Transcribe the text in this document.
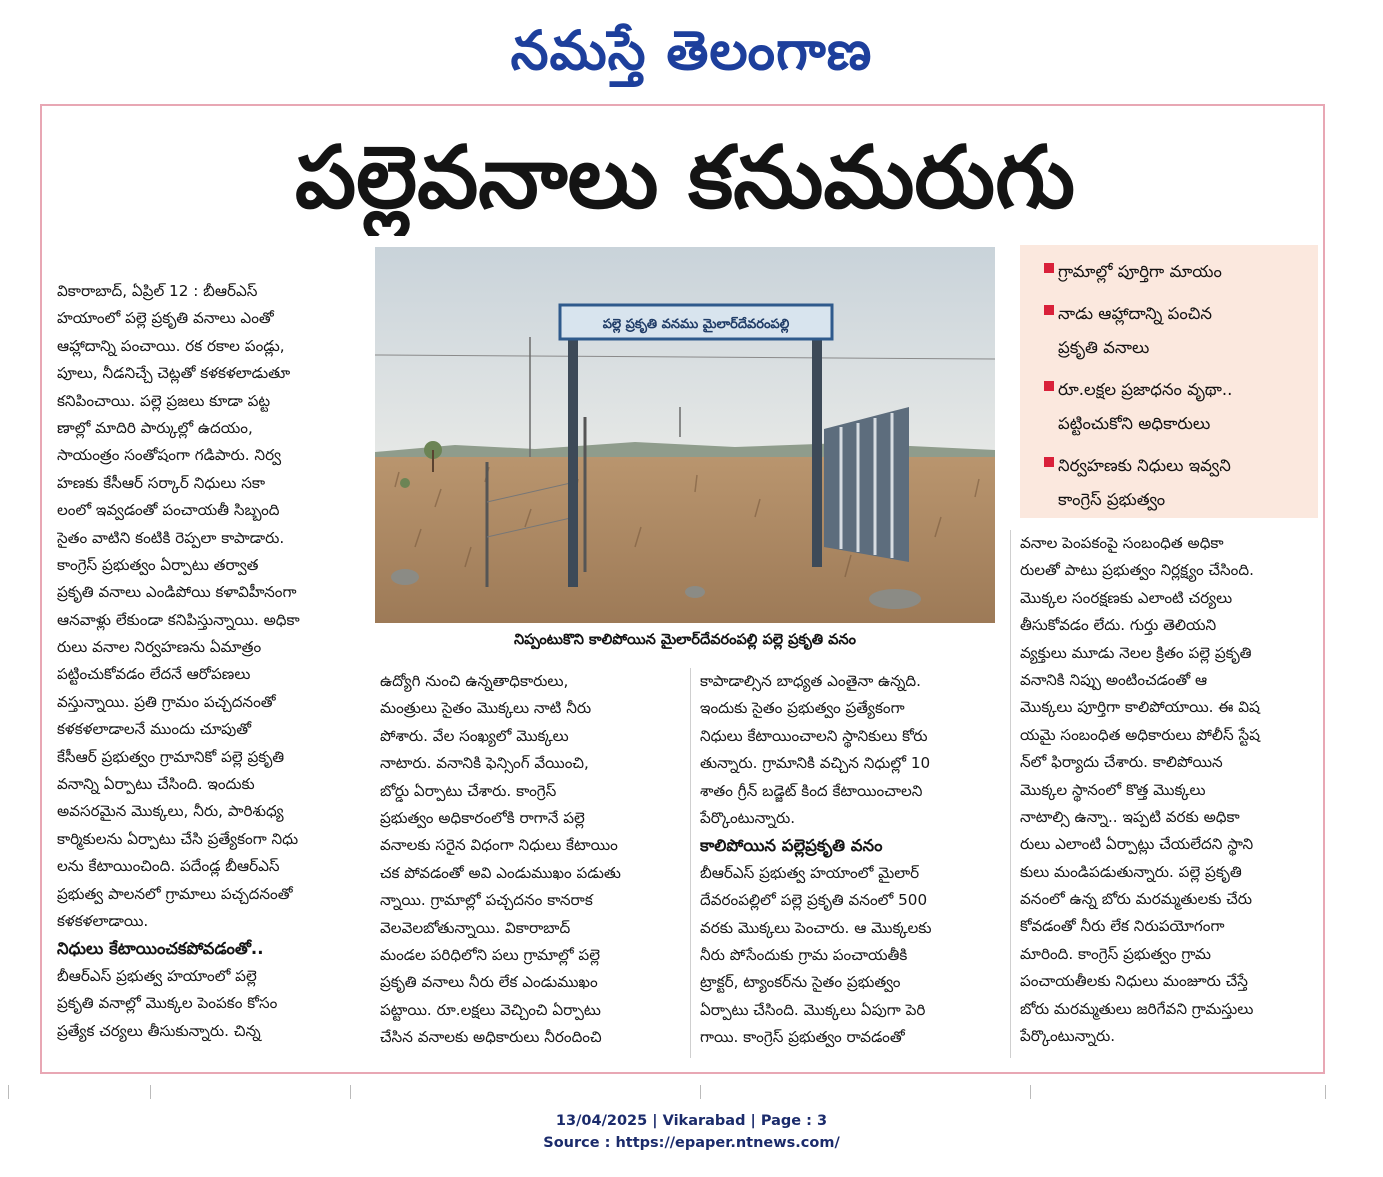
నమస్తే తెలంగాణ
పల్లెవనాలు కనుమరుగు
పల్లె ప్రకృతి వనము మైలార్‌దేవరంపల్లి
నిప్పంటుకొని కాలిపోయిన మైలార్‌దేవరంపల్లి పల్లె ప్రకృతి వనం
గ్రామాల్లో పూర్తిగా మాయం
నాడు ఆహ్లాదాన్ని పంచిన
ప్రకృతి వనాలు
రూ.లక్షల ప్రజాధనం వృథా..
పట్టించుకోని అధికారులు
నిర్వహణకు నిధులు ఇవ్వని
కాంగ్రెస్‌ ప్రభుత్వం
వికారాబాద్‌, ఏప్రిల్‌ 12 : బీఆర్‌ఎస్‌
హయాంలో పల్లె ప్రకృతి వనాలు ఎంతో
ఆహ్లాదాన్ని పంచాయి. రక రకాల పండ్లు,
పూలు, నీడనిచ్చే చెట్లతో కళకళలాడుతూ
కనిపించాయి. పల్లె ప్రజలు కూడా పట్ట
ణాల్లో మాదిరి పార్కుల్లో ఉదయం,
సాయంత్రం సంతోషంగా గడిపారు. నిర్వ
హణకు కేసీఆర్‌ సర్కార్‌ నిధులు సకా
లంలో ఇవ్వడంతో పంచాయతీ సిబ్బంది
సైతం వాటిని కంటికి రెప్పలా కాపాడారు.
కాంగ్రెస్‌ ప్రభుత్వం ఏర్పాటు తర్వాత
ప్రకృతి వనాలు ఎండిపోయి కళావిహీనంగా
ఆనవాళ్లు లేకుండా కనిపిస్తున్నాయి. అధికా
రులు వనాల నిర్వహణను ఏమాత్రం
పట్టించుకోవడం లేదనే ఆరోపణలు
వస్తున్నాయి. ప్రతి గ్రామం పచ్చదనంతో
కళకళలాడాలనే ముందు చూపుతో
కేసీఆర్‌ ప్రభుత్వం గ్రామానికో పల్లె ప్రకృతి
వనాన్ని ఏర్పాటు చేసింది. ఇందుకు
అవసరమైన మొక్కలు, నీరు, పారిశుధ్య
కార్మికులను ఏర్పాటు చేసి ప్రత్యేకంగా నిధు
లను కేటాయించింది. పదేండ్ల బీఆర్‌ఎస్‌
ప్రభుత్వ పాలనలో గ్రామాలు పచ్చదనంతో
కళకళలాడాయి.
నిధులు కేటాయించకపోవడంతో..
బీఆర్‌ఎస్‌ ప్రభుత్వ హయాంలో పల్లె
ప్రకృతి వనాల్లో మొక్కల పెంపకం కోసం
ప్రత్యేక చర్యలు తీసుకున్నారు. చిన్న
ఉద్యోగి నుంచి ఉన్నతాధికారులు,
మంత్రులు సైతం మొక్కలు నాటి నీరు
పోశారు. వేల సంఖ్యలో మొక్కలు
నాటారు. వనానికి ఫెన్సింగ్‌ వేయించి,
బోర్డు ఏర్పాటు చేశారు. కాంగ్రెస్‌
ప్రభుత్వం అధికారంలోకి రాగానే పల్లె
వనాలకు సరైన విధంగా నిధులు కేటాయిం
చక పోవడంతో అవి ఎండుముఖం పడుతు
న్నాయి. గ్రామాల్లో పచ్చదనం కానరాక
వెలవెలబోతున్నాయి. వికారాబాద్‌
మండల పరిధిలోని పలు గ్రామాల్లో పల్లె
ప్రకృతి వనాలు నీరు లేక ఎండుముఖం
పట్టాయి. రూ.లక్షలు వెచ్చించి ఏర్పాటు
చేసిన వనాలకు అధికారులు నీరందించి
కాపాడాల్సిన బాధ్యత ఎంతైనా ఉన్నది.
ఇందుకు సైతం ప్రభుత్వం ప్రత్యేకంగా
నిధులు కేటాయించాలని స్థానికులు కోరు
తున్నారు. గ్రామానికి వచ్చిన నిధుల్లో 10
శాతం గ్రీన్‌ బడ్జెట్‌ కింద కేటాయించాలని
పేర్కొంటున్నారు.
కాలిపోయిన పల్లెప్రకృతి వనం
బీఆర్‌ఎస్‌ ప్రభుత్వ హయాంలో మైలార్‌
దేవరంపల్లిలో పల్లె ప్రకృతి వనంలో 500
వరకు మొక్కలు పెంచారు. ఆ మొక్కలకు
నీరు పోసేందుకు గ్రామ పంచాయతీకి
ట్రాక్టర్‌, ట్యాంకర్‌ను సైతం ప్రభుత్వం
ఏర్పాటు చేసింది. మొక్కలు ఏపుగా పెరి
గాయి. కాంగ్రెస్‌ ప్రభుత్వం రావడంతో
వనాల పెంపకంపై సంబంధిత అధికా
రులతో పాటు ప్రభుత్వం నిర్లక్ష్యం చేసింది.
మొక్కల సంరక్షణకు ఎలాంటి చర్యలు
తీసుకోవడం లేదు. గుర్తు తెలియని
వ్యక్తులు మూడు నెలల క్రితం పల్లె ప్రకృతి
వనానికి నిప్పు అంటించడంతో ఆ
మొక్కలు పూర్తిగా కాలిపోయాయి. ఈ విష
యమై సంబంధిత అధికారులు పోలీస్‌ స్టేష
న్‌లో ఫిర్యాదు చేశారు. కాలిపోయిన
మొక్కల స్థానంలో కొత్త మొక్కలు
నాటాల్సి ఉన్నా.. ఇప్పటి వరకు అధికా
రులు ఎలాంటి ఏర్పాట్లు చేయలేదని స్థాని
కులు మండిపడుతున్నారు. పల్లె ప్రకృతి
వనంలో ఉన్న బోరు మరమ్మతులకు చేరు
కోవడంతో నీరు లేక నిరుపయోగంగా
మారింది. కాంగ్రెస్‌ ప్రభుత్వం గ్రామ
పంచాయతీలకు నిధులు మంజూరు చేస్తే
బోరు మరమ్మతులు జరిగేవని గ్రామస్తులు
పేర్కొంటున్నారు.
13/04/2025 | Vikarabad | Page : 3
Source : https://epaper.ntnews.com/
